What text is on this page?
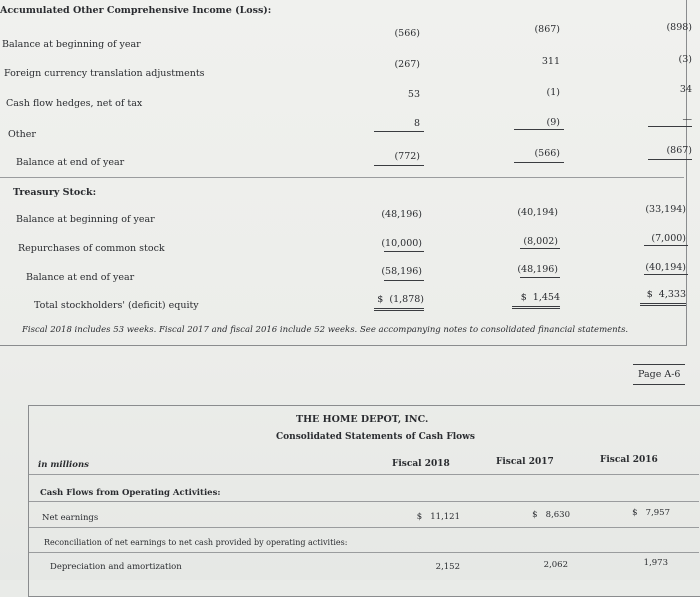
Accumulated Other Comprehensive Income (Loss):
Balance at beginning of year
(566)	(867)	(898)
Foreign currency translation adjustments
(267)	311	(3)
Cash flow hedges, net of tax
53	(1)	34
Other
8	(9)	—
Balance at end of year
(772)	(566)	(867)
Treasury Stock:
Balance at beginning of year	(48,196)	(40,194)	(33,194)
Repurchases of common stock	(10,000)	(8,002)	(7,000)
Balance at end of year
(58,196)	(48,196)	(40,194)
Total stockholders' (deficit) equity
$ (1,878)	$ 1,454	$ 4,333
Fiscal 2018 includes 53 weeks. Fiscal 2017 and fiscal 2016 include 52 weeks. See accompanying notes to consolidated financial statements.
Page A-6
THE HOME DEPOT, INC.
Consolidated Statements of Cash Flows
in millions	Fiscal 2018	Fiscal 2017	Fiscal 2016
Cash Flows from Operating Activities:
Net earnings	$ 11,121	$ 8,630	$ 7,957
Reconciliation of net earnings to net cash provided by operating activities:
Depreciation and amortization	2,152	2,062	1,973
